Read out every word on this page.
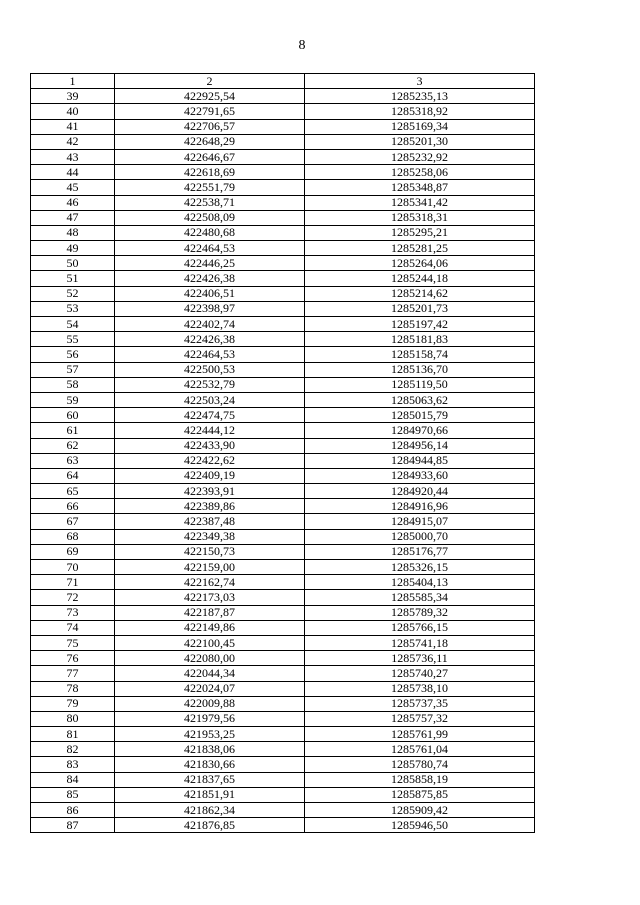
8
1	2	3
39	422925,54	1285235,13
40	422791,65	1285318,92
41	422706,57	1285169,34
42	422648,29	1285201,30
43	422646,67	1285232,92
44	422618,69	1285258,06
45	422551,79	1285348,87
46	422538,71	1285341,42
47	422508,09	1285318,31
48	422480,68	1285295,21
49	422464,53	1285281,25
50	422446,25	1285264,06
51	422426,38	1285244,18
52	422406,51	1285214,62
53	422398,97	1285201,73
54	422402,74	1285197,42
55	422426,38	1285181,83
56	422464,53	1285158,74
57	422500,53	1285136,70
58	422532,79	1285119,50
59	422503,24	1285063,62
60	422474,75	1285015,79
61	422444,12	1284970,66
62	422433,90	1284956,14
63	422422,62	1284944,85
64	422409,19	1284933,60
65	422393,91	1284920,44
66	422389,86	1284916,96
67	422387,48	1284915,07
68	422349,38	1285000,70
69	422150,73	1285176,77
70	422159,00	1285326,15
71	422162,74	1285404,13
72	422173,03	1285585,34
73	422187,87	1285789,32
74	422149,86	1285766,15
75	422100,45	1285741,18
76	422080,00	1285736,11
77	422044,34	1285740,27
78	422024,07	1285738,10
79	422009,88	1285737,35
80	421979,56	1285757,32
81	421953,25	1285761,99
82	421838,06	1285761,04
83	421830,66	1285780,74
84	421837,65	1285858,19
85	421851,91	1285875,85
86	421862,34	1285909,42
87	421876,85	1285946,50
